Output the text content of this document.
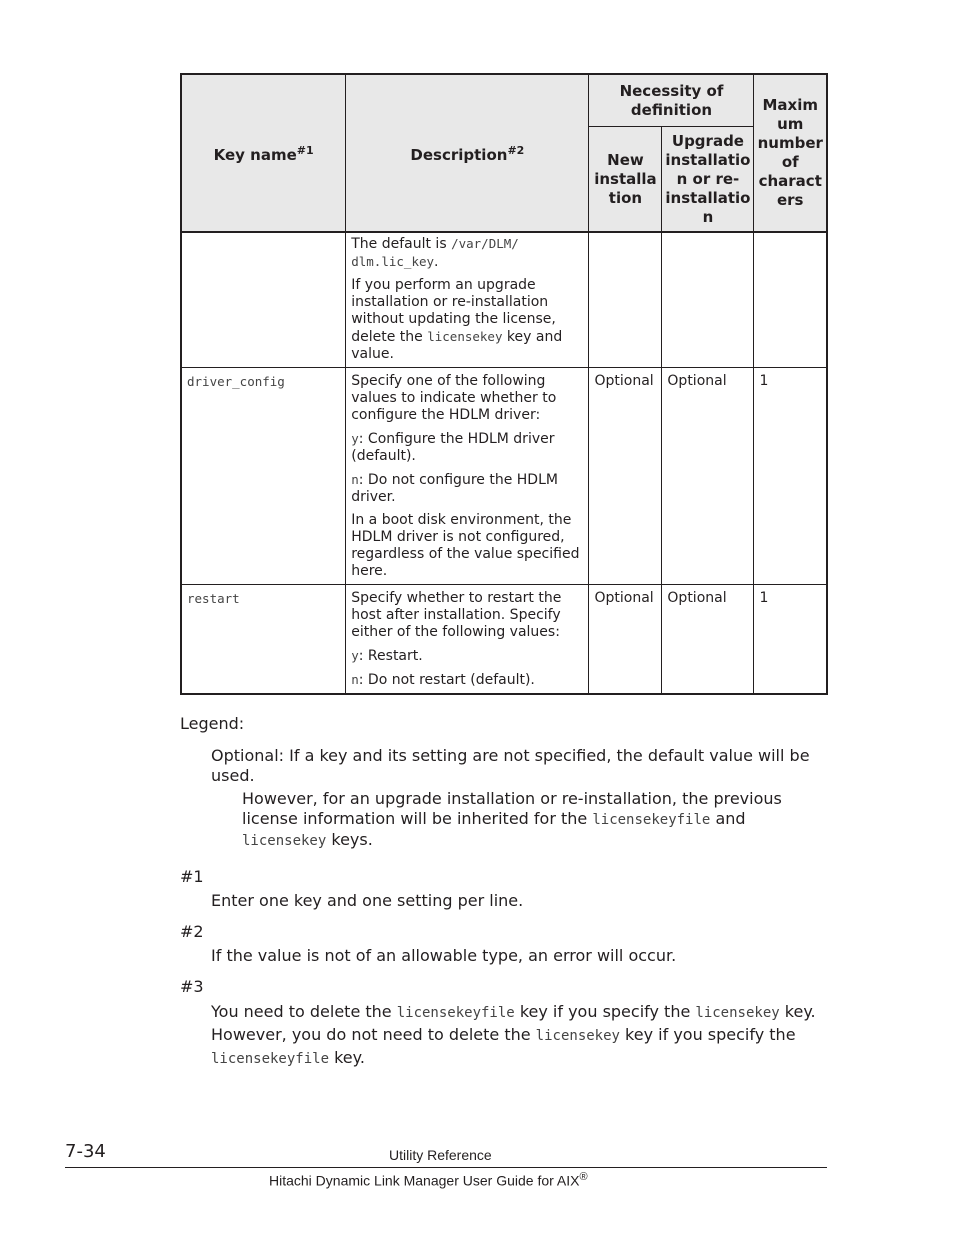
Key name$^{\#1}$	Description$^{\#2}$	Necessity of definition		Maxim um number of charact ers
		New installa tion	Upgrade installatio n or re- installatio n	

	The default is /var/DLM/ dlm.lic_key.

If you perform an upgrade installation or re-installation without updating the license, delete the licensekey key and value.			

driver_config	Specify one of the following values to indicate whether to configure the HDLM driver:

y: Configure the HDLM driver (default).

n: Do not configure the HDLM driver.

In a boot disk environment, the HDLM driver is not configured, regardless of the value specified here.	Optional	Optional	1
restart	Specify whether to restart the host after installation. Specify either of the following values:

y: Restart.

n: Do not restart (default).	Optional	Optional	1

Legend:

Optional: If a key and its setting are not specified, the default value will be used.

However, for an upgrade installation or re-installation, the previous license information will be inherited for the licensekeyfile and licensekey keys.

#1

Enter one key and one setting per line.

#2

If the value is not of an allowable type, an error will occur.

#3

You need to delete the licensekeyfile key if you specify the licensekey key. However, you do not need to delete the licensekey key if you specify the licensekeyfile key.

7-34	Utility Reference
Hitachi Dynamic Link Manager User Guide for AIX®
